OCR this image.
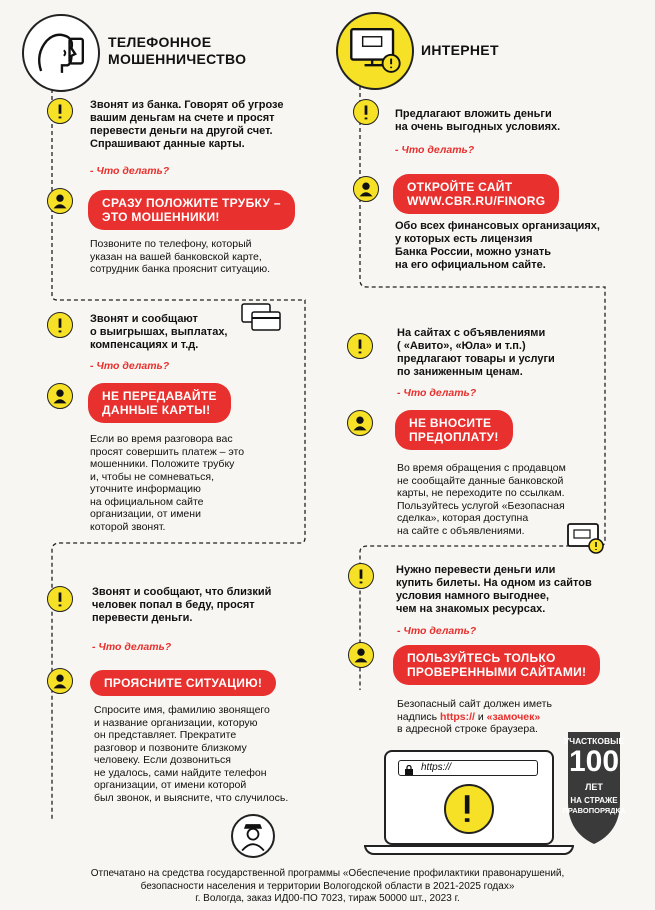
ТЕЛЕФОННОЕ
МОШЕННИЧЕСТВО
ИНТЕРНЕТ
Звонят из банка. Говорят об угрозе
вашим деньгам на счете и просят
перевести деньги на другой счет.
Спрашивают данные карты.
- Что делать?
СРАЗУ ПОЛОЖИТЕ ТРУБКУ –
ЭТО МОШЕННИКИ!
Позвоните по телефону, который
указан на вашей банковской карте,
сотрудник банка прояснит ситуацию.
Звонят и сообщают
о выигрышах, выплатах,
компенсациях и т.д.
- Что делать?
НЕ ПЕРЕДАВАЙТЕ
ДАННЫЕ КАРТЫ!
Если во время разговора вас
просят совершить платеж – это
мошенники. Положите трубку
и, чтобы не сомневаться,
уточните информацию
на официальном сайте
организации, от имени
которой звонят.
Звонят и сообщают, что близкий
человек попал в беду, просят
перевести деньги.
- Что делать?
ПРОЯСНИТЕ СИТУАЦИЮ!
Спросите имя, фамилию звонящего
и название организации, которую
он представляет. Прекратите
разговор и позвоните близкому
человеку. Если дозвониться
не удалось, сами найдите телефон
организации, от имени которой
был звонок, и выясните, что случилось.
Предлагают вложить деньги
на очень выгодных условиях.
- Что делать?
ОТКРОЙТЕ САЙТ
WWW.CBR.RU/FINORG
Обо всех финансовых организациях,
у которых есть лицензия
Банка России, можно узнать
на его официальном сайте.
На сайтах с объявлениями
( «Авито», «Юла» и т.п.)
предлагают товары и услуги
по заниженным ценам.
- Что делать?
НЕ ВНОСИТЕ
ПРЕДОПЛАТУ!
Во время обращения с продавцом
не сообщайте данные банковской
карты, не переходите по ссылкам.
Пользуйтесь услугой «Безопасная
сделка», которая доступна
на сайте с объявлениями.
Нужно перевести деньги или
купить билеты. На одном из сайтов
условия намного выгоднее,
чем на знакомых ресурсах.
- Что делать?
ПОЛЬЗУЙТЕСЬ ТОЛЬКО
ПРОВЕРЕННЫМИ САЙТАМИ!
Безопасный сайт должен иметь
надпись https:// и «замочек»
в адресной строке браузера.
https://
УЧАСТКОВЫЕ
100
ЛЕТ
НА СТРАЖЕ
ПРАВОПОРЯДКА
Отпечатано на средства государственной программы «Обеспечение профилактики правонарушений,
безопасности населения и территории Вологодской области в 2021-2025 годах»
г. Вологда, заказ ИД00-ПО 7023, тираж 50000 шт., 2023 г.
